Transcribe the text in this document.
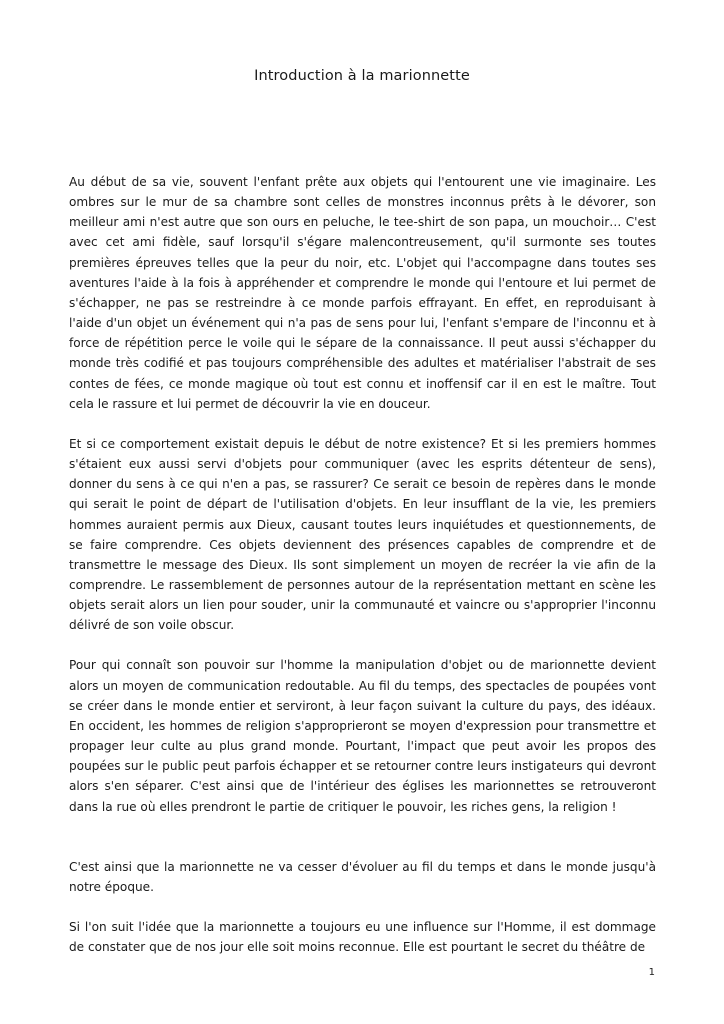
Introduction à la marionnette

Au début de sa vie, souvent l'enfant prête aux objets qui l'entourent une vie imaginaire. Les ombres sur le mur de sa chambre sont celles de monstres inconnus prêts à le dévorer, son meilleur ami n'est autre que son ours en peluche, le tee-shirt de son papa, un mouchoir… C'est avec cet ami fidèle, sauf lorsqu'il s'égare malencontreusement, qu'il surmonte ses toutes premières épreuves telles que la peur du noir, etc. L'objet qui l'accompagne dans toutes ses aventures l'aide à la fois à appréhender et comprendre le monde qui l'entoure et lui permet de s'échapper, ne pas se restreindre à ce monde parfois effrayant. En effet, en reproduisant à l'aide d'un objet un événement qui n'a pas de sens pour lui, l'enfant s'empare de l'inconnu et à force de répétition perce le voile qui le sépare de la connaissance. Il peut aussi s'échapper du monde très codifié et pas toujours compréhensible des adultes et matérialiser l'abstrait de ses contes de fées, ce monde magique où tout est connu et inoffensif car il en est le maître. Tout cela le rassure et lui permet de découvrir la vie en douceur.

Et si ce comportement existait depuis le début de notre existence? Et si les premiers hommes s'étaient eux aussi servi d'objets pour communiquer (avec les esprits détenteur de sens), donner du sens à ce qui n'en a pas, se rassurer? Ce serait ce besoin de repères dans le monde qui serait le point de départ de l'utilisation d'objets. En leur insufflant de la vie, les premiers hommes auraient permis aux Dieux, causant toutes leurs inquiétudes et questionnements, de se faire comprendre. Ces objets deviennent des présences capables de comprendre et de transmettre le message des Dieux. Ils sont simplement un moyen de recréer la vie afin de la comprendre. Le rassemblement de personnes autour de la représentation mettant en scène les objets serait alors un lien pour souder, unir la communauté et vaincre ou s'approprier l'inconnu délivré de son voile obscur.

Pour qui connaît son pouvoir sur l'homme la manipulation d'objet ou de marionnette devient alors un moyen de communication redoutable. Au fil du temps, des spectacles de poupées vont se créer dans le monde entier et serviront, à leur façon suivant la culture du pays, des idéaux. En occident, les hommes de religion s'approprieront se moyen d'expression pour transmettre et propager leur culte au plus grand monde. Pourtant, l'impact que peut avoir les propos des poupées sur le public peut parfois échapper et se retourner contre leurs instigateurs qui devront alors s'en séparer. C'est ainsi que de l'intérieur des églises les marionnettes se retrouveront dans la rue où elles prendront le partie de critiquer le pouvoir, les riches gens, la religion !

C'est ainsi que la marionnette ne va cesser d'évoluer au fil du temps et dans le monde jusqu'à notre époque.

Si l'on suit l'idée que la marionnette a toujours eu une influence sur l'Homme, il est dommage de constater que de nos jour elle soit moins reconnue. Elle est pourtant le secret du théâtre de

1
